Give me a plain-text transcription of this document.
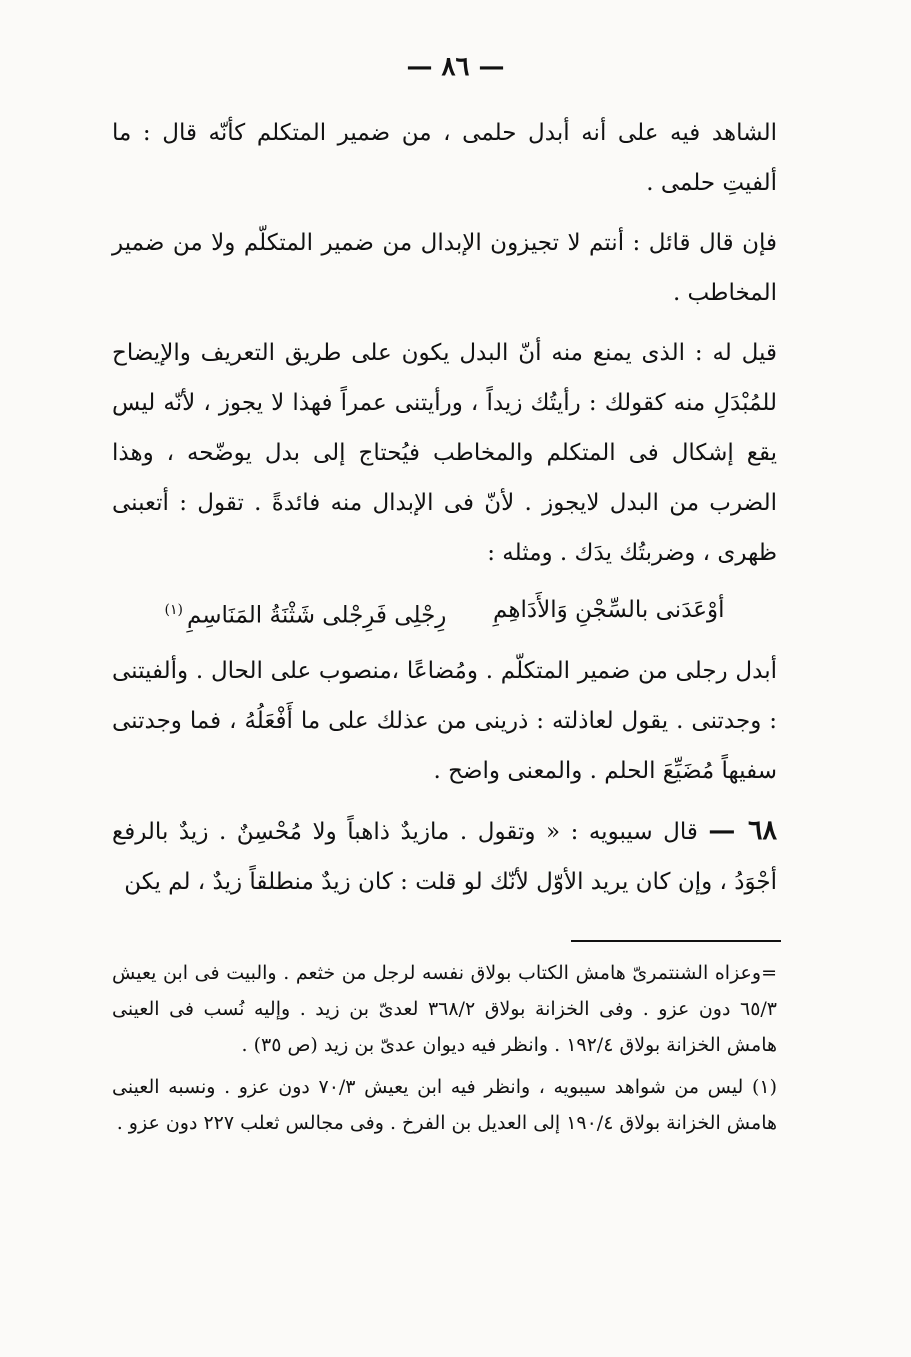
— ٨٦ —

الشاهد فيه على أنه أبدل حلمى ، من ضمير المتكلم كأنّه قال : ما ألفيتِ حلمى .

فإن قال قائل : أنتم لا تجيزون الإبدال من ضمير المتكلّم ولا من ضمير المخاطب .

قيل له : الذى يمنع منه أنّ البدل يكون على طريق التعريف والإيضاح للمُبْدَلِ منه كقولك : رأيتُك زيداً ، ورأيتنى عمراً فهذا لا يجوز ، لأنّه ليس يقع إشكال فى المتكلم والمخاطب فيُحتاج إلى بدل يوضّحه ، وهذا الضرب من البدل لايجوز . لأنّ فى الإبدال منه فائدةً . تقول : أتعبنى ظهرى ، وضربتُك يدَك . ومثله :

أوْعَدَنى بالسِّجْنِ وَالأَدَاهِمِ
رِجْلِى فَرِجْلى شَثْنَةُ المَنَاسِمِ$^{(١)}$

أبدل رجلى من ضمير المتكلّم . ومُضاعًا ،منصوب على الحال . وألفيتنى : وجدتنى . يقول لعاذلته : ذرينى من عذلك على ما أَفْعَلُهُ ، فما وجدتنى سفيهاً مُضَيِّعَ الحلم . والمعنى واضح .

٦٨ — قال سيبويه : « وتقول . مازيدٌ ذاهباً ولا مُحْسِنٌ . زيدٌ بالرفع أجْوَدُ ، وإن كان يريد الأوّل لأنّك لو قلت : كان زيدٌ منطلقاً زيدٌ ، لم يكن

=وعزاه الشنتمرىّ هامش الكتاب بولاق نفسه لرجل من خثعم . والبيت فى ابن يعيش ٦٥/٣ دون عزو . وفى الخزانة بولاق ٣٦٨/٢ لعدىّ بن زيد . وإليه نُسب فى العينى هامش الخزانة بولاق ١٩٢/٤ . وانظر فيه ديوان عدىّ بن زيد (ص ٣٥) .

(١) ليس من شواهد سيبويه ، وانظر فيه ابن يعيش ٧٠/٣ دون عزو . ونسبه العينى هامش الخزانة بولاق ١٩٠/٤ إلى العديل بن الفرخ . وفى مجالس ثعلب ٢٢٧ دون عزو .
